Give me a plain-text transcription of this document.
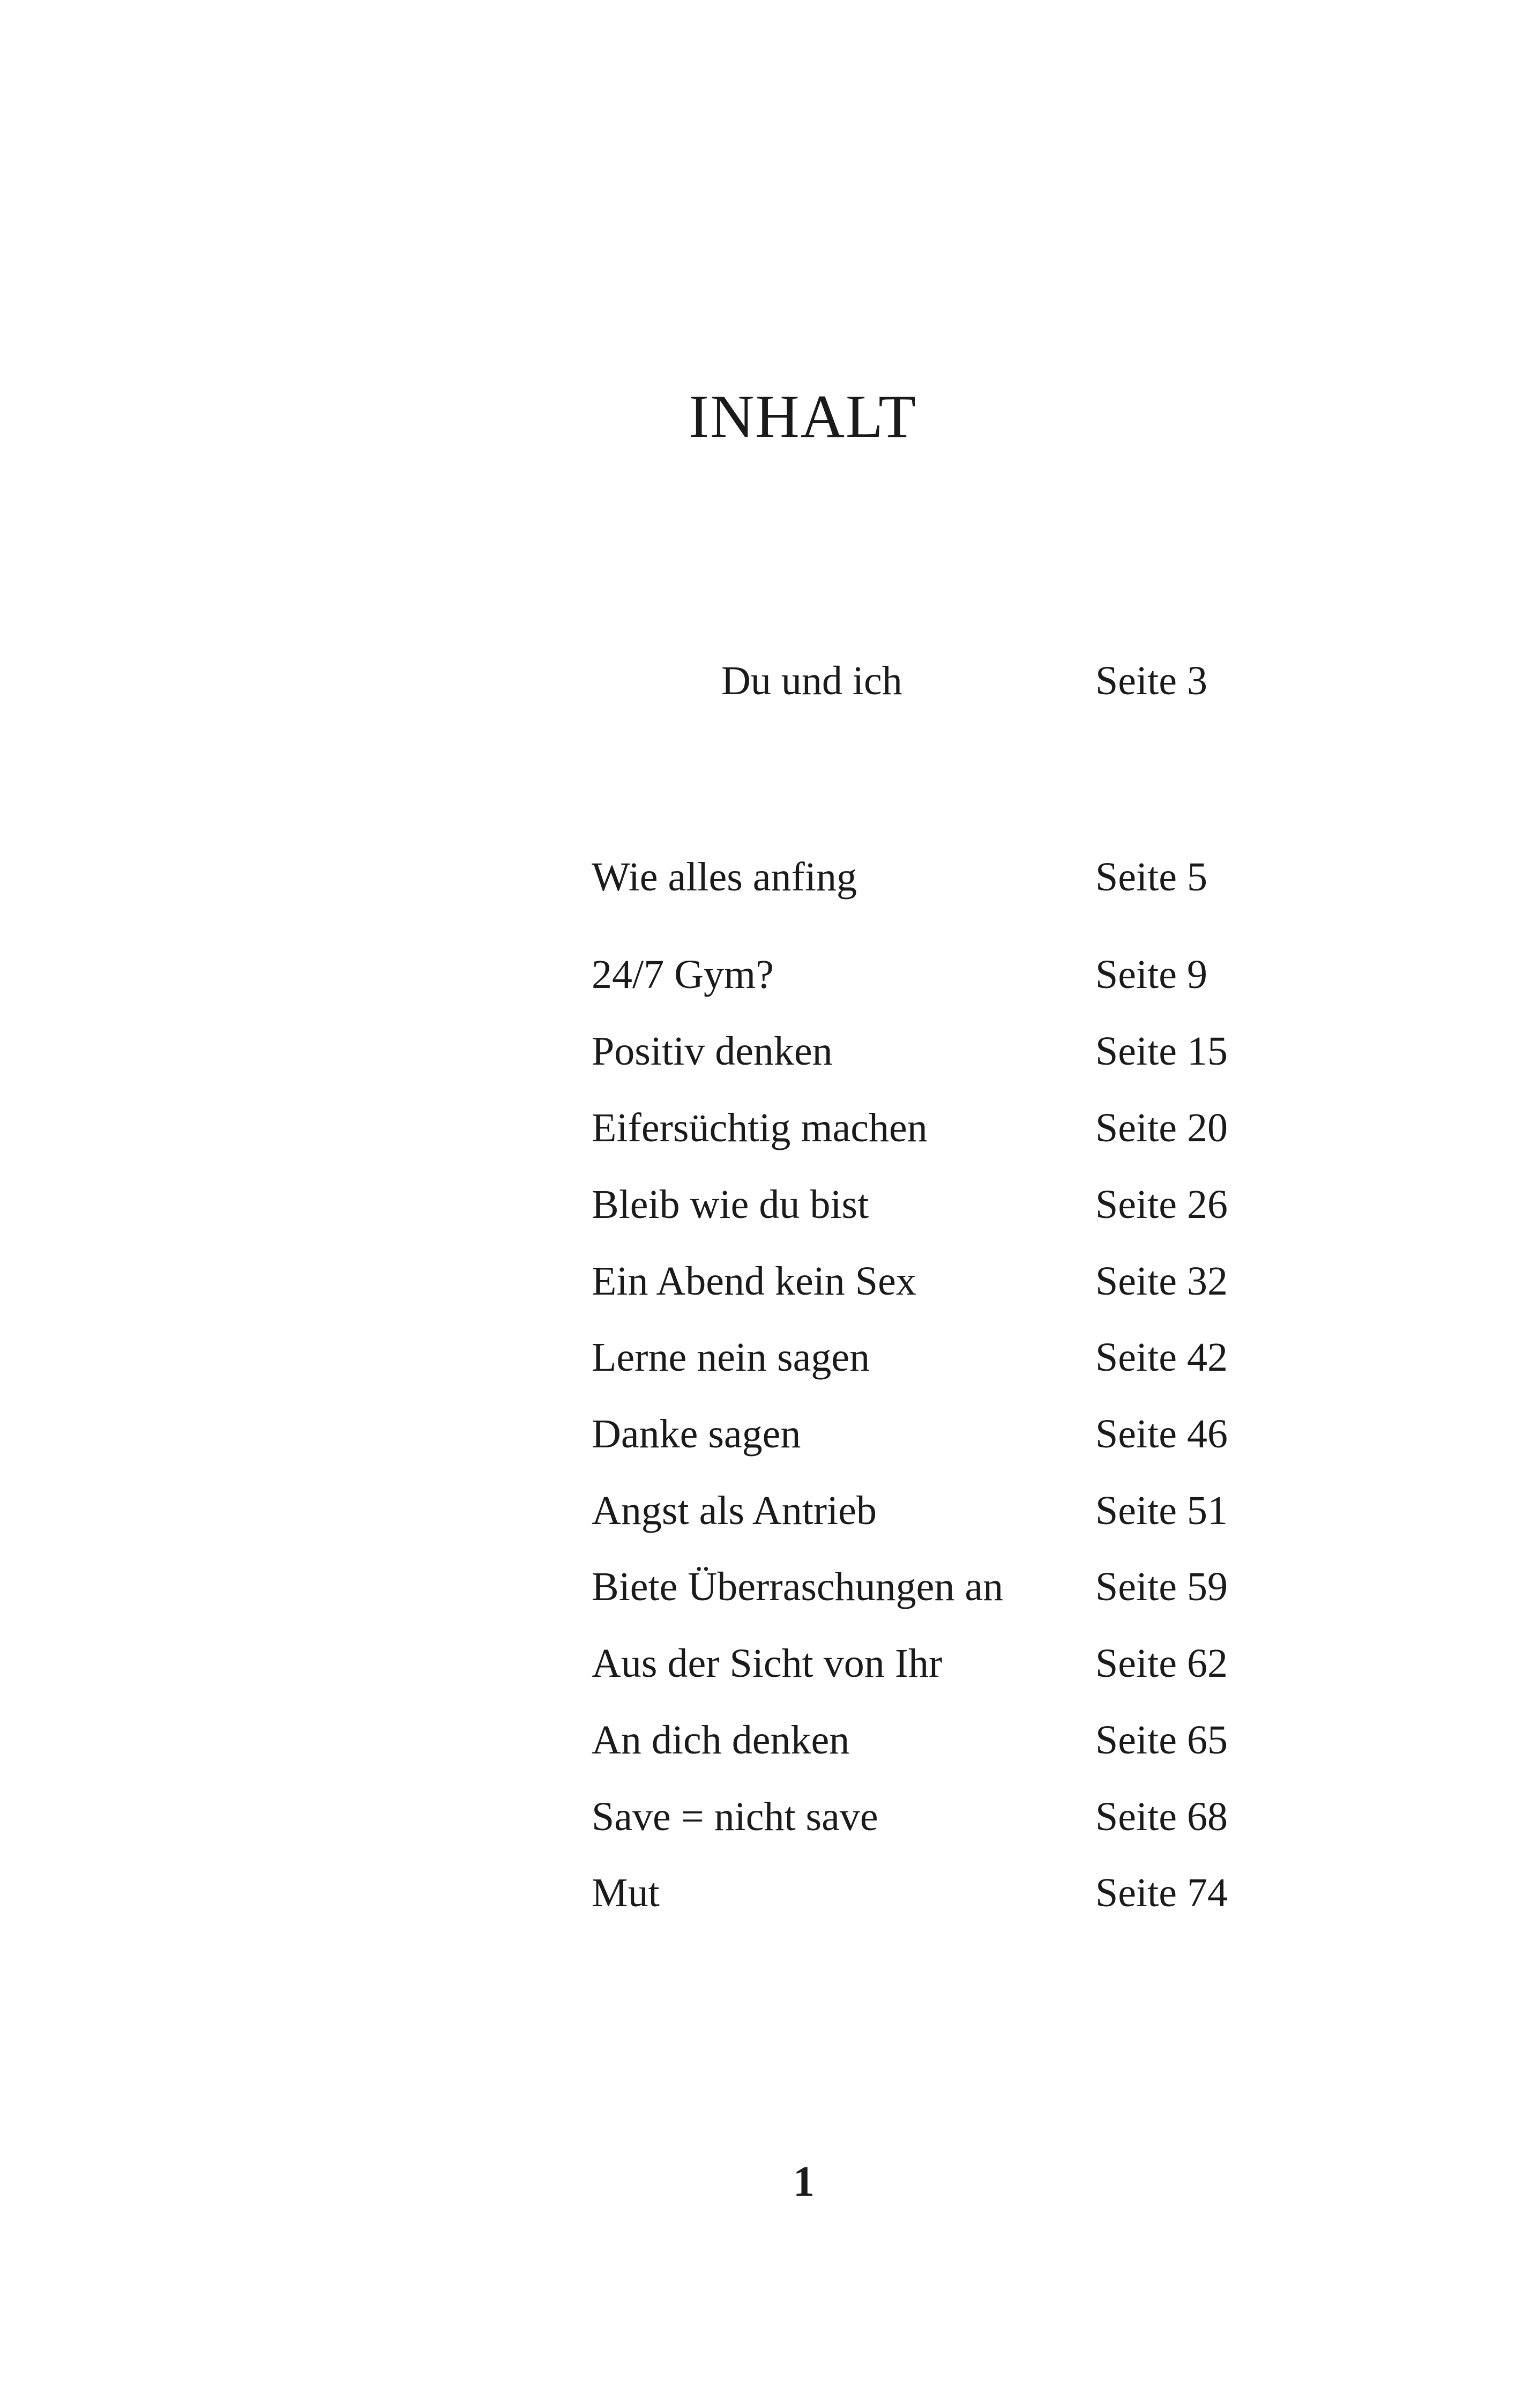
INHALT
Du und ich	Seite 3
Wie alles anfing	Seite 5
24/7 Gym?	Seite 9
Positiv denken	Seite 15
Eifersüchtig machen	Seite 20
Bleib wie du bist	Seite 26
Ein Abend kein Sex	Seite 32
Lerne nein sagen	Seite 42
Danke sagen	Seite 46
Angst als Antrieb	Seite 51
Biete Überraschungen an Seite 59
Aus der Sicht von Ihr	Seite 62
An dich denken	Seite 65
Save = nicht save	Seite 68
Mut	Seite 74
1
